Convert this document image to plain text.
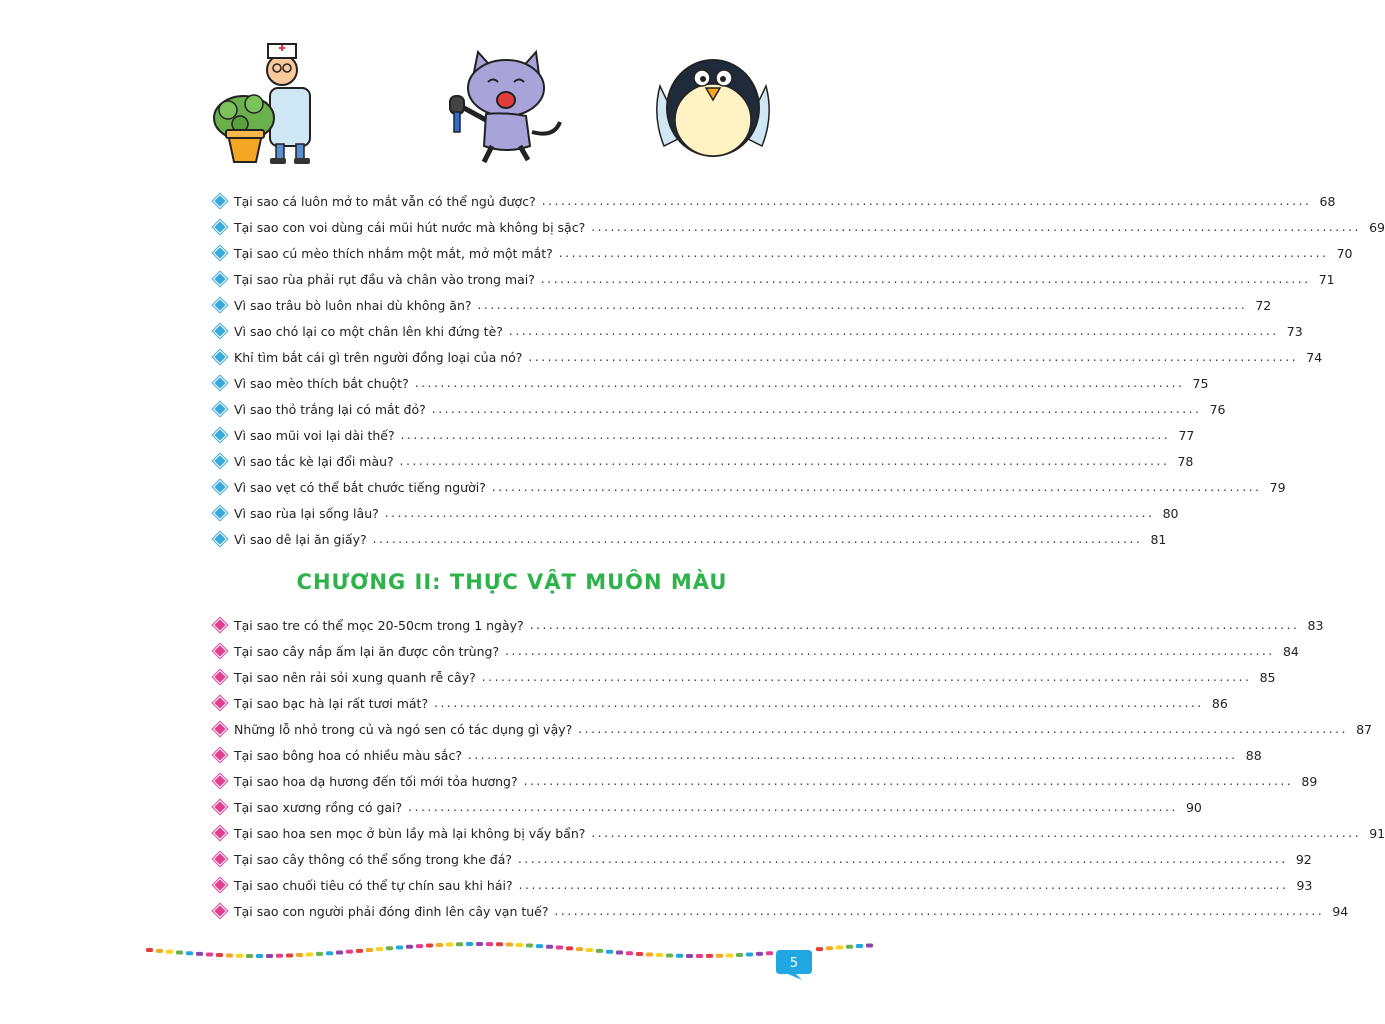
Tại sao cá luôn mở to mắt vẫn có thể ngủ được? ........................................................................................................................ 68
Tại sao con voi dùng cái mũi hút nước mà không bị sặc? ........................................................................................................................ 69
Tại sao cú mèo thích nhắm một mắt, mở một mắt? ........................................................................................................................ 70
Tại sao rùa phải rụt đầu và chân vào trong mai? ........................................................................................................................ 71
Vì sao trâu bò luôn nhai dù không ăn? ........................................................................................................................ 72
Vì sao chó lại co một chân lên khi đứng tè? ........................................................................................................................ 73
Khỉ tìm bắt cái gì trên người đồng loại của nó? ........................................................................................................................ 74
Vì sao mèo thích bắt chuột? ........................................................................................................................ 75
Vì sao thỏ trắng lại có mắt đỏ? ........................................................................................................................ 76
Vì sao mũi voi lại dài thế? ........................................................................................................................ 77
Vì sao tắc kè lại đổi màu? ........................................................................................................................ 78
Vì sao vẹt có thể bắt chước tiếng người? ........................................................................................................................ 79
Vì sao rùa lại sống lâu? ........................................................................................................................ 80
Vì sao dê lại ăn giấy? ........................................................................................................................ 81
CHƯƠNG II: THỰC VẬT MUÔN MÀU
Tại sao tre có thể mọc 20-50cm trong 1 ngày? ........................................................................................................................ 83
Tại sao cây nắp ấm lại ăn được côn trùng? ........................................................................................................................ 84
Tại sao nên rải sỏi xung quanh rễ cây? ........................................................................................................................ 85
Tại sao bạc hà lại rất tươi mát? ........................................................................................................................ 86
Những lỗ nhỏ trong củ và ngó sen có tác dụng gì vậy? ........................................................................................................................ 87
Tại sao bông hoa có nhiều màu sắc? ........................................................................................................................ 88
Tại sao hoa dạ hương đến tối mới tỏa hương? ........................................................................................................................ 89
Tại sao xương rồng có gai? ........................................................................................................................ 90
Tại sao hoa sen mọc ở bùn lầy mà lại không bị vấy bẩn? ........................................................................................................................ 91
Tại sao cây thông có thể sống trong khe đá? ........................................................................................................................ 92
Tại sao chuối tiêu có thể tự chín sau khi hái? ........................................................................................................................ 93
Tại sao con người phải đóng đinh lên cây vạn tuế? ........................................................................................................................ 94
5
